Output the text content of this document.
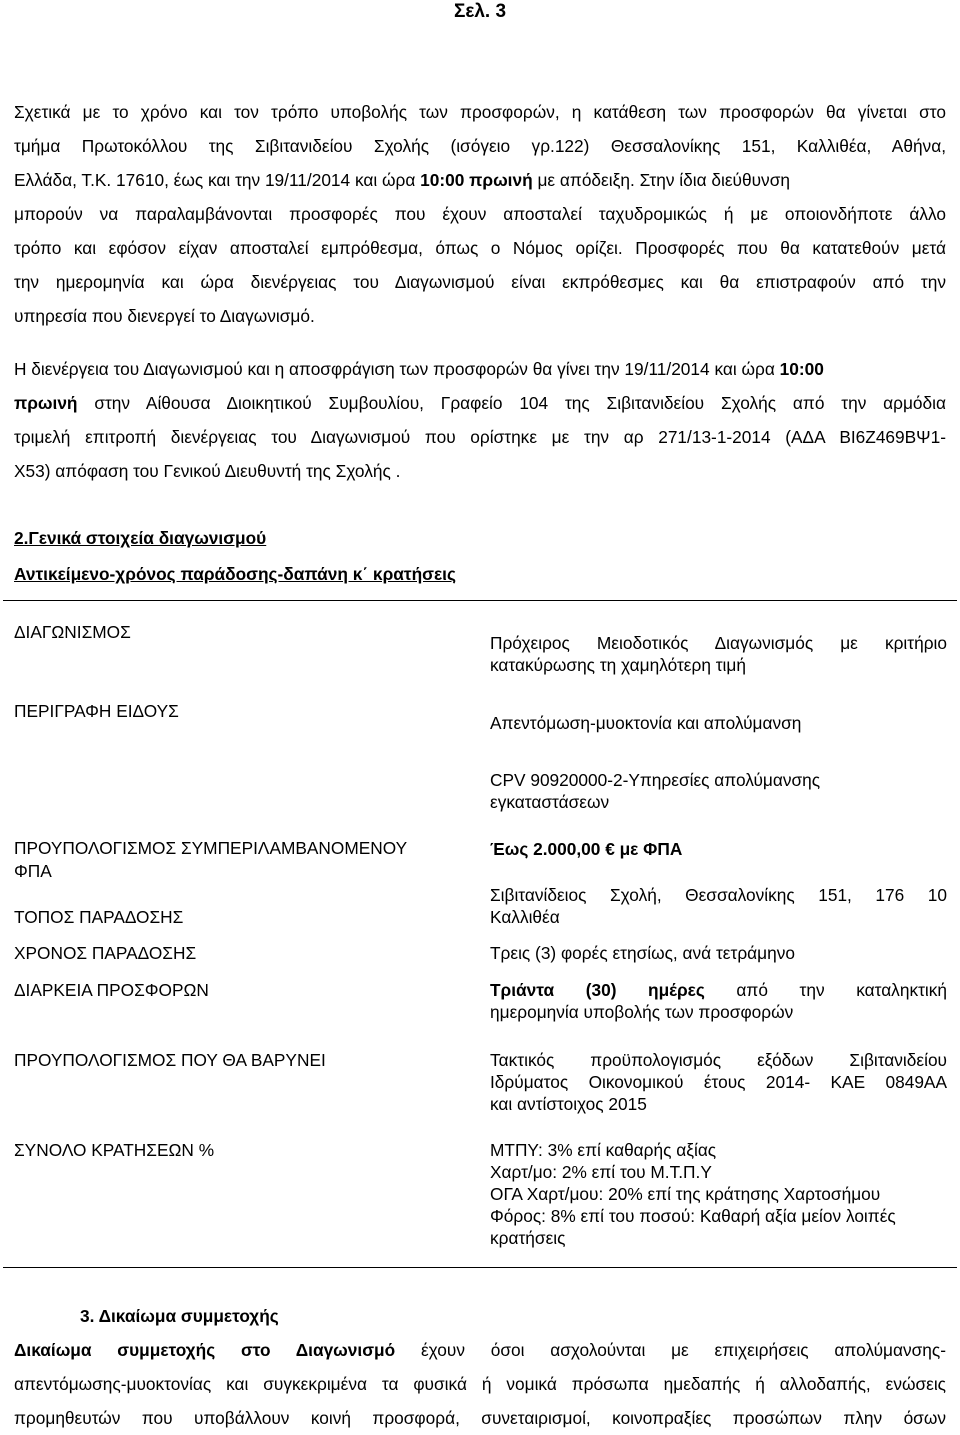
Σελ. 3
Σχετικά με το χρόνο και τον τρόπο υποβολής των προσφορών, η κατάθεση των προσφορών θα γίνεται στο
τμήμα Πρωτοκόλλου της Σιβιτανιδείου Σχολής (ισόγειο γρ.122) Θεσσαλονίκης 151, Καλλιθέα, Αθήνα,
Ελλάδα, Τ.Κ. 17610, έως και την 19/11/2014 και ώρα 10:00 πρωινή με απόδειξη. Στην ίδια διεύθυνση
μπορούν να παραλαμβάνονται προσφορές που έχουν αποσταλεί ταχυδρομικώς ή με οποιονδήποτε άλλο
τρόπο και εφόσον είχαν αποσταλεί εμπρόθεσμα, όπως ο Νόμος ορίζει. Προσφορές που θα κατατεθούν μετά
την ημερομηνία και ώρα διενέργειας του Διαγωνισμού είναι εκπρόθεσμες και θα επιστραφούν από την
υπηρεσία που διενεργεί το Διαγωνισμό.
Η διενέργεια του Διαγωνισμού και η αποσφράγιση των προσφορών θα γίνει την 19/11/2014 και ώρα 10:00
πρωινή στην Αίθουσα Διοικητικού Συμβουλίου, Γραφείο 104 της Σιβιτανιδείου Σχολής από την αρμόδια
τριμελή επιτροπή διενέργειας του Διαγωνισμού που ορίστηκε με την αρ 271/13-1-2014 (ΑΔΑ ΒΙ6Ζ469ΒΨ1-
Χ53) απόφαση του Γενικού Διευθυντή της Σχολής .
2.Γενικά στοιχεία διαγωνισμού
Αντικείμενο-χρόνος παράδοσης-δαπάνη κ΄ κρατήσεις
ΔΙΑΓΩΝΙΣΜΟΣ
ΠΕΡΙΓΡΑΦΗ ΕΙΔΟΥΣ
ΠΡΟΥΠΟΛΟΓΙΣΜΟΣ ΣΥΜΠΕΡΙΛΑΜΒΑΝΟΜΕΝΟΥ
ΦΠΑ
ΤΟΠΟΣ ΠΑΡΑΔΟΣΗΣ
ΧΡΟΝΟΣ ΠΑΡΑΔΟΣΗΣ
ΔΙΑΡΚΕΙΑ ΠΡΟΣΦΟΡΩΝ
ΠΡΟΥΠΟΛΟΓΙΣΜΟΣ ΠΟΥ ΘΑ ΒΑΡΥΝΕΙ
ΣΥΝΟΛΟ ΚΡΑΤΗΣΕΩΝ %
Πρόχειρος Μειοδοτικός Διαγωνισμός με κριτήριο
κατακύρωσης τη χαμηλότερη τιμή
Απεντόμωση-μυοκτονία και απολύμανση
CPV 90920000-2-Υπηρεσίες απολύμανσης
εγκαταστάσεων
Έως 2.000,00 € με ΦΠΑ
Σιβιτανίδειος Σχολή, Θεσσαλονίκης 151, 176 10
Καλλιθέα
Τρεις (3) φορές ετησίως, ανά τετράμηνο
Τριάντα (30) ημέρες από την καταληκτική
ημερομηνία υποβολής των προσφορών
Τακτικός προϋπολογισμός εξόδων Σιβιτανιδείου
Ιδρύματος Οικονομικού έτους 2014- ΚΑΕ 0849ΑΑ
και αντίστοιχος 2015
ΜΤΠΥ: 3% επί καθαρής αξίας
Χαρτ/μο: 2% επί του Μ.Τ.Π.Υ
ΟΓΑ Χαρτ/μου: 20% επί της κράτησης Χαρτοσήμου
Φόρος: 8% επί του ποσού: Καθαρή αξία μείον λοιπές
κρατήσεις
3. Δικαίωμα συμμετοχής
Δικαίωμα συμμετοχής στο Διαγωνισμό έχουν όσοι ασχολούνται με επιχειρήσεις απολύμανσης-
απεντόμωσης-μυοκτονίας και συγκεκριμένα τα φυσικά ή νομικά πρόσωπα ημεδαπής ή αλλοδαπής, ενώσεις
προμηθευτών που υποβάλλουν κοινή προσφορά, συνεταιρισμοί, κοινοπραξίες προσώπων πλην όσων
